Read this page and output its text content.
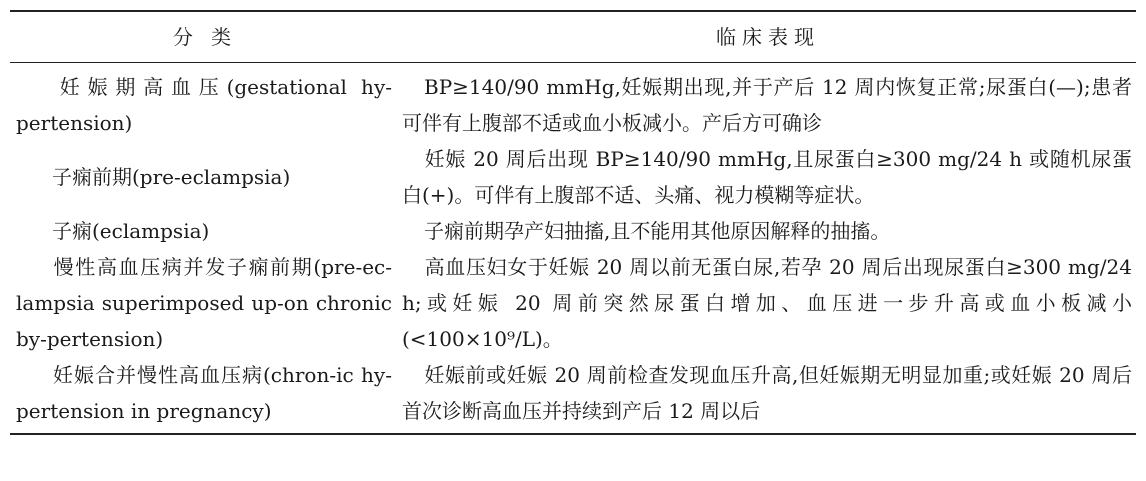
分 类	临床表现

妊娠期高血压(gestational hy-pertension)	BP≥140/90 mmHg,妊娠期出现,并于产后 12 周内恢复正常;尿蛋白(—);患者可伴有上腹部不适或血小板减小。产后方可确诊
子痫前期(pre-eclampsia)	妊娠 20 周后出现 BP≥140/90 mmHg,且尿蛋白≥300 mg/24 h 或随机尿蛋白(+)。可伴有上腹部不适、头痛、视力模糊等症状。
子痫(eclampsia)	子痫前期孕产妇抽搐,且不能用其他原因解释的抽搐。
慢性高血压病并发子痫前期(pre-ec-lampsia superimposed up-on chronic by-pertension)	高血压妇女于妊娠 20 周以前无蛋白尿,若孕 20 周后出现尿蛋白≥300 mg/24 h;或妊娠 20 周前突然尿蛋白增加、血压进一步升高或血小板减小(<100×10⁹/L)。
妊娠合并慢性高血压病(chron-ic hy-pertension in pregnancy)	妊娠前或妊娠 20 周前检查发现血压升高,但妊娠期无明显加重;或妊娠 20 周后首次诊断高血压并持续到产后 12 周以后
